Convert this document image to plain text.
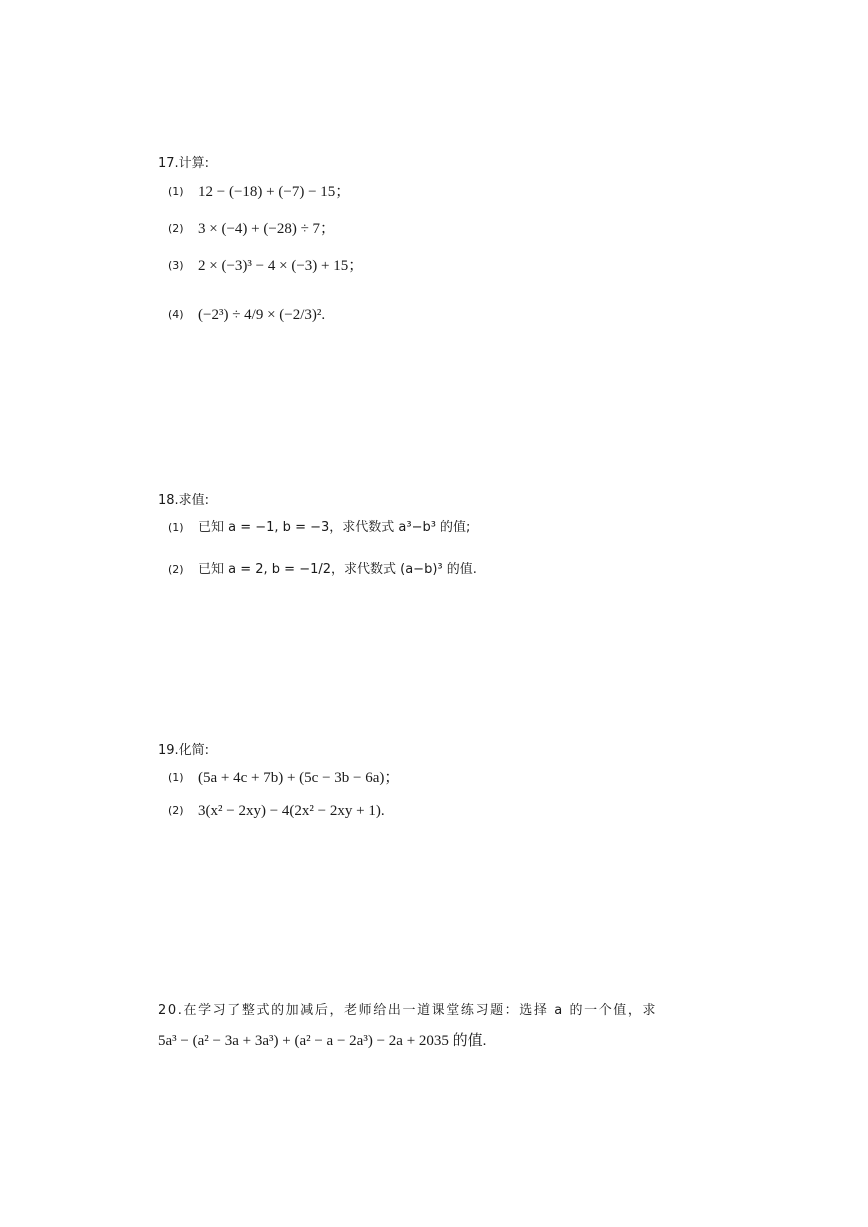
17.计算:
(1) 12 − (−18) + (−7) − 15；
(2) 3 × (−4) + (−28) ÷ 7；
(3) 2 × (−3)³ − 4 × (−3) + 15；
(4) (−2³) ÷ 4/9 × (−2/3)².
18.求值:
(1)	已知 a = −1, b = −3，求代数式 a³−b³ 的值;
(2)	已知 a = 2, b = −1/2，求代数式 (a−b)³ 的值.
19.化简:
(1) (5a + 4c + 7b) + (5c − 3b − 6a)；
(2) 3(x² − 2xy) − 4(2x² − 2xy + 1).
20.在学习了整式的加减后，老师给出一道课堂练习题：选择 a 的一个值，求
5a³ − (a² − 3a + 3a³) + (a² − a − 2a³) − 2a + 2035 的值.
